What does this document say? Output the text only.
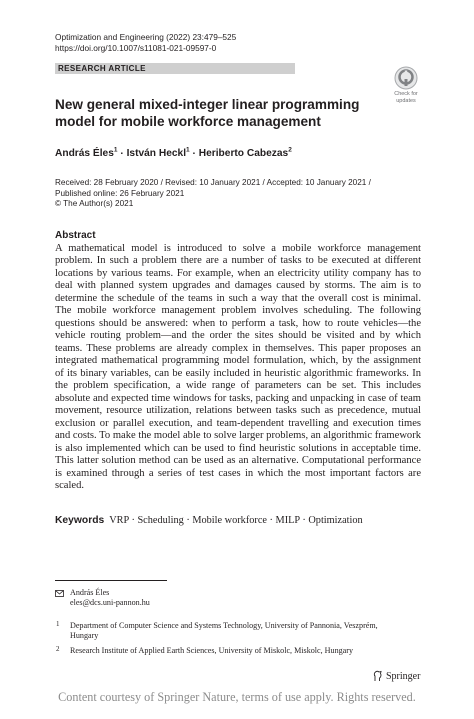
Optimization and Engineering (2022) 23:479–525
https://doi.org/10.1007/s11081-021-09597-0
RESEARCH ARTICLE
Check for
updates
New general mixed-integer linear programming model for mobile workforce management
András Éles$^1$ · István Heckl$^1$ · Heriberto Cabezas$^2$
Received: 28 February 2020 / Revised: 10 January 2021 / Accepted: 10 January 2021 /
Published online: 26 February 2021
© The Author(s) 2021
Abstract
A mathematical model is introduced to solve a mobile workforce management problem. In such a problem there are a number of tasks to be executed at different locations by various teams. For example, when an electricity utility company has to deal with planned system upgrades and damages caused by storms. The aim is to determine the schedule of the teams in such a way that the overall cost is minimal. The mobile workforce management problem involves scheduling. The following questions should be answered: when to perform a task, how to route vehicles—the vehicle routing problem—and the order the sites should be visited and by which teams. These problems are already complex in themselves. This paper proposes an integrated mathematical programming model formulation, which, by the assignment of its binary variables, can be easily included in heuristic algorithmic frameworks. In the problem specification, a wide range of parameters can be set. This includes absolute and expected time windows for tasks, packing and unpacking in case of team movement, resource utilization, relations between tasks such as precedence, mutual exclusion or parallel execution, and team-dependent travelling and execution times and costs. To make the model able to solve larger problems, an algorithmic framework is also implemented which can be used to find heuristic solutions in acceptable time. This latter solution method can be used as an alternative. Computational performance is examined through a series of test cases in which the most important factors are scaled.
Keywords VRP · Scheduling · Mobile workforce · MILP · Optimization
András Éles
eles@dcs.uni-pannon.hu
1 Department of Computer Science and Systems Technology, University of Pannonia, Veszprém,
Hungary
2 Research Institute of Applied Earth Sciences, University of Miskolc, Miskolc, Hungary
Springer
Content courtesy of Springer Nature, terms of use apply. Rights reserved.
